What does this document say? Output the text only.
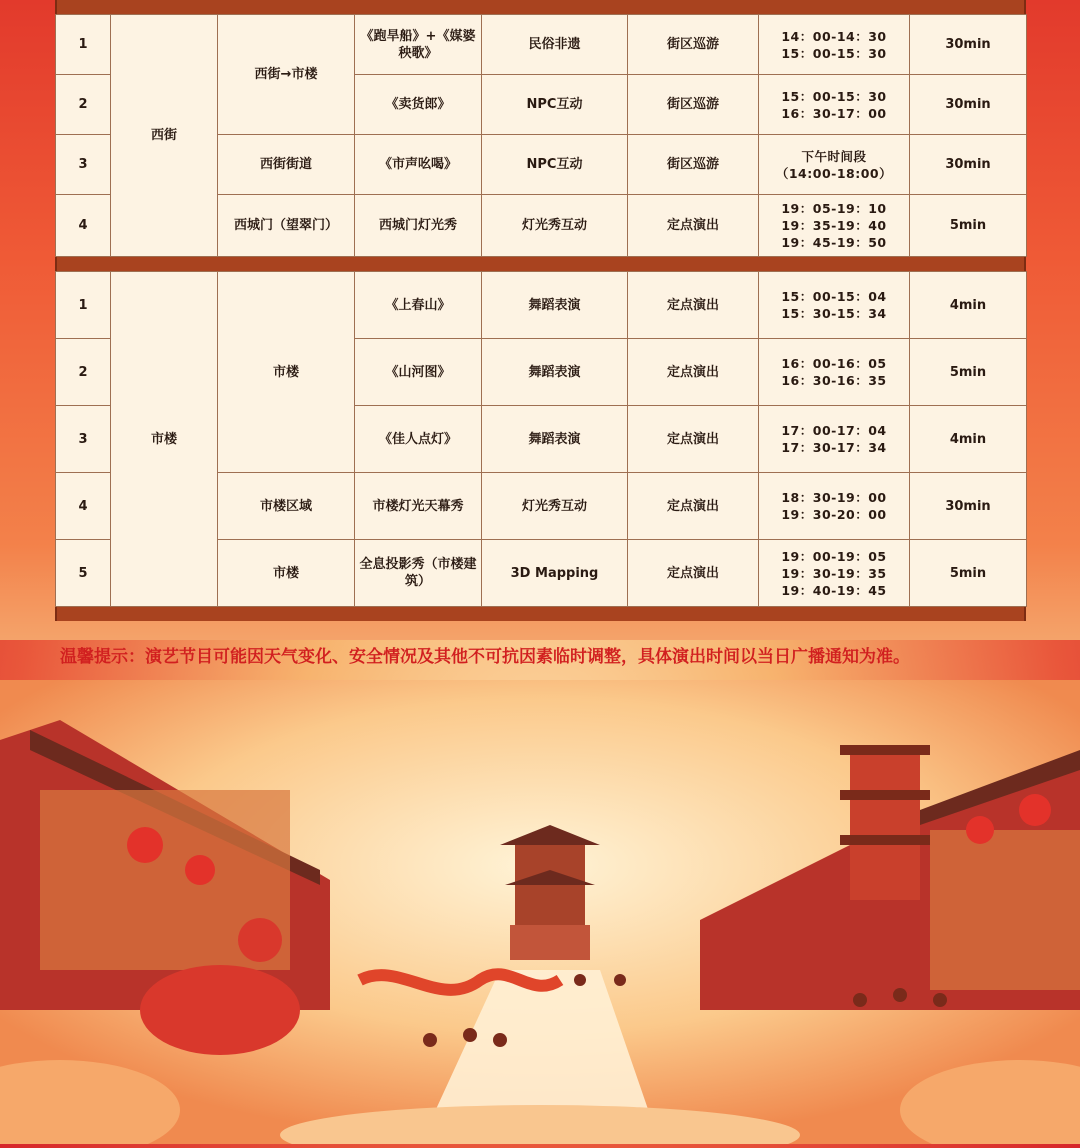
1	西街	西街→市楼	《跑旱船》+《媒婆秧歌》	民俗非遗	街区巡游	14：00-14：30
15：00-15：30	30min
2			《卖货郎》	NPC互动	街区巡游	15：00-15：30
16：30-17：00	30min
3		西街街道	《市声吆喝》	NPC互动	街区巡游	下午时间段
（14:00-18:00）	30min
4		西城门（望翠门）	西城门灯光秀	灯光秀互动	定点演出	19：05-19：10
19：35-19：40
19：45-19：50	5min
1	市楼	市楼	《上春山》	舞蹈表演	定点演出	15：00-15：04
15：30-15：34	4min
2			《山河图》	舞蹈表演	定点演出	16：00-16：05
16：30-16：35	5min
3			《佳人点灯》	舞蹈表演	定点演出	17：00-17：04
17：30-17：34	4min
4		市楼区域	市楼灯光天幕秀	灯光秀互动	定点演出	18：30-19：00
19：30-20：00	30min
5		市楼	全息投影秀（市楼建筑）	3D Mapping	定点演出	19：00-19：05
19：30-19：35
19：40-19：45	5min
温馨提示：演艺节目可能因天气变化、安全情况及其他不可抗因素临时调整，具体演出时间以当日广播通知为准。
